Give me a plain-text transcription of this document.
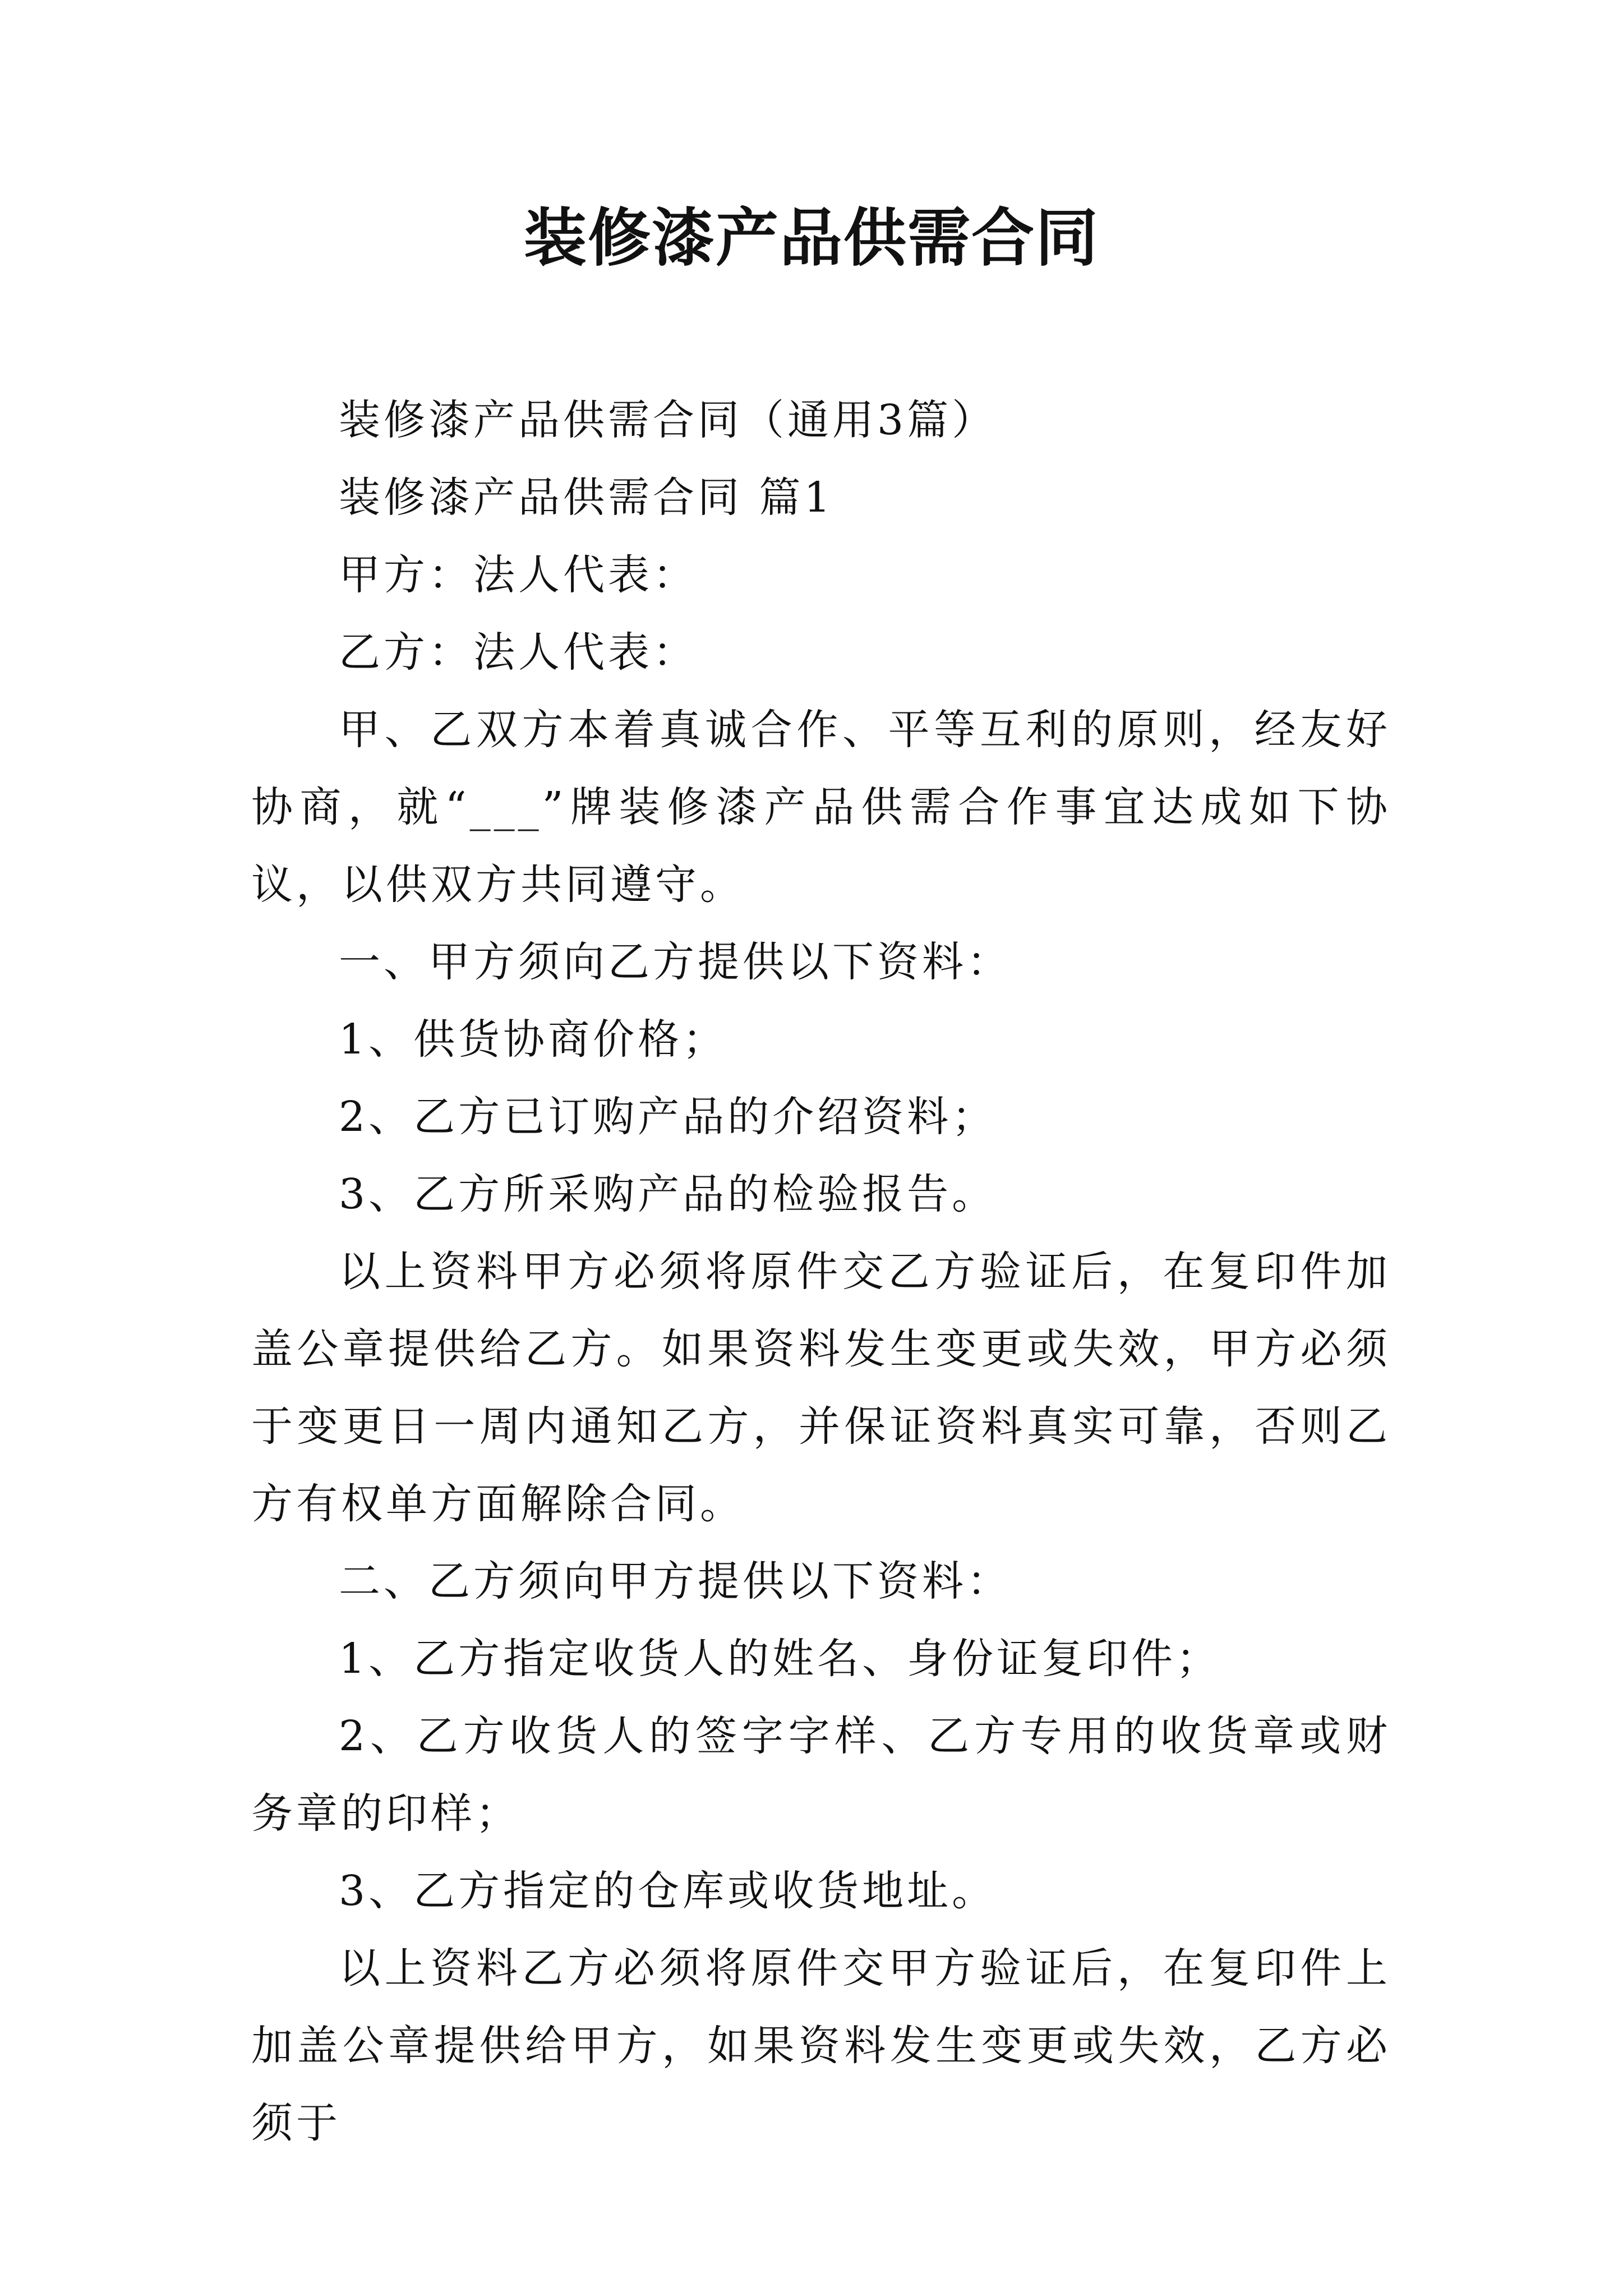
装修漆产品供需合同

装修漆产品供需合同（通用3篇）

装修漆产品供需合同 篇1

甲方：法人代表：

乙方：法人代表：

甲、乙双方本着真诚合作、平等互利的原则，经友好协商，就“___”牌装修漆产品供需合作事宜达成如下协议，以供双方共同遵守。

一、甲方须向乙方提供以下资料：

1、供货协商价格；

2、乙方已订购产品的介绍资料；

3、乙方所采购产品的检验报告。

以上资料甲方必须将原件交乙方验证后，在复印件加盖公章提供给乙方。如果资料发生变更或失效，甲方必须于变更日一周内通知乙方，并保证资料真实可靠，否则乙方有权单方面解除合同。

二、乙方须向甲方提供以下资料：

1、乙方指定收货人的姓名、身份证复印件；

2、乙方收货人的签字字样、乙方专用的收货章或财务章的印样；

3、乙方指定的仓库或收货地址。

以上资料乙方必须将原件交甲方验证后，在复印件上加盖公章提供给甲方，如果资料发生变更或失效，乙方必须于
